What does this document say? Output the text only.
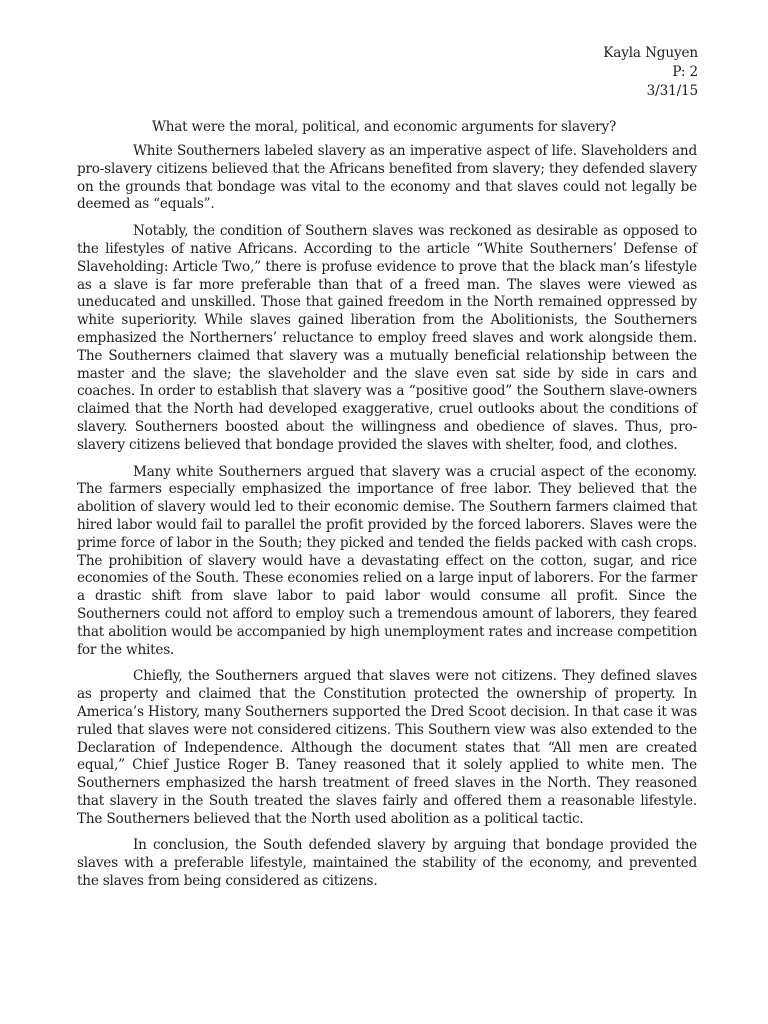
Kayla Nguyen
P: 2
3/31/15
What were the moral, political, and economic arguments for slavery?

White Southerners labeled slavery as an imperative aspect of life. Slaveholders and pro-slavery citizens believed that the Africans benefited from slavery; they defended slavery on the grounds that bondage was vital to the economy and that slaves could not legally be deemed as “equals”.

Notably, the condition of Southern slaves was reckoned as desirable as opposed to the lifestyles of native Africans. According to the article “White Southerners’ Defense of Slaveholding: Article Two,” there is profuse evidence to prove that the black man’s lifestyle as a slave is far more preferable than that of a freed man. The slaves were viewed as uneducated and unskilled. Those that gained freedom in the North remained oppressed by white superiority. While slaves gained liberation from the Abolitionists, the Southerners emphasized the Northerners’ reluctance to employ freed slaves and work alongside them. The Southerners claimed that slavery was a mutually beneficial relationship between the master and the slave; the slaveholder and the slave even sat side by side in cars and coaches. In order to establish that slavery was a “positive good” the Southern slave-owners claimed that the North had developed exaggerative, cruel outlooks about the conditions of slavery. Southerners boosted about the willingness and obedience of slaves. Thus, pro-slavery citizens believed that bondage provided the slaves with shelter, food, and clothes.

Many white Southerners argued that slavery was a crucial aspect of the economy. The farmers especially emphasized the importance of free labor. They believed that the abolition of slavery would led to their economic demise. The Southern farmers claimed that hired labor would fail to parallel the profit provided by the forced laborers. Slaves were the prime force of labor in the South; they picked and tended the fields packed with cash crops. The prohibition of slavery would have a devastating effect on the cotton, sugar, and rice economies of the South. These economies relied on a large input of laborers. For the farmer a drastic shift from slave labor to paid labor would consume all profit. Since the Southerners could not afford to employ such a tremendous amount of laborers, they feared that abolition would be accompanied by high unemployment rates and increase competition for the whites.

Chiefly, the Southerners argued that slaves were not citizens. They defined slaves as property and claimed that the Constitution protected the ownership of property. In America’s History, many Southerners supported the Dred Scoot decision. In that case it was ruled that slaves were not considered citizens. This Southern view was also extended to the Declaration of Independence. Although the document states that “All men are created equal,” Chief Justice Roger B. Taney reasoned that it solely applied to white men. The Southerners emphasized the harsh treatment of freed slaves in the North. They reasoned that slavery in the South treated the slaves fairly and offered them a reasonable lifestyle. The Southerners believed that the North used abolition as a political tactic.

In conclusion, the South defended slavery by arguing that bondage provided the slaves with a preferable lifestyle, maintained the stability of the economy, and prevented the slaves from being considered as citizens.
